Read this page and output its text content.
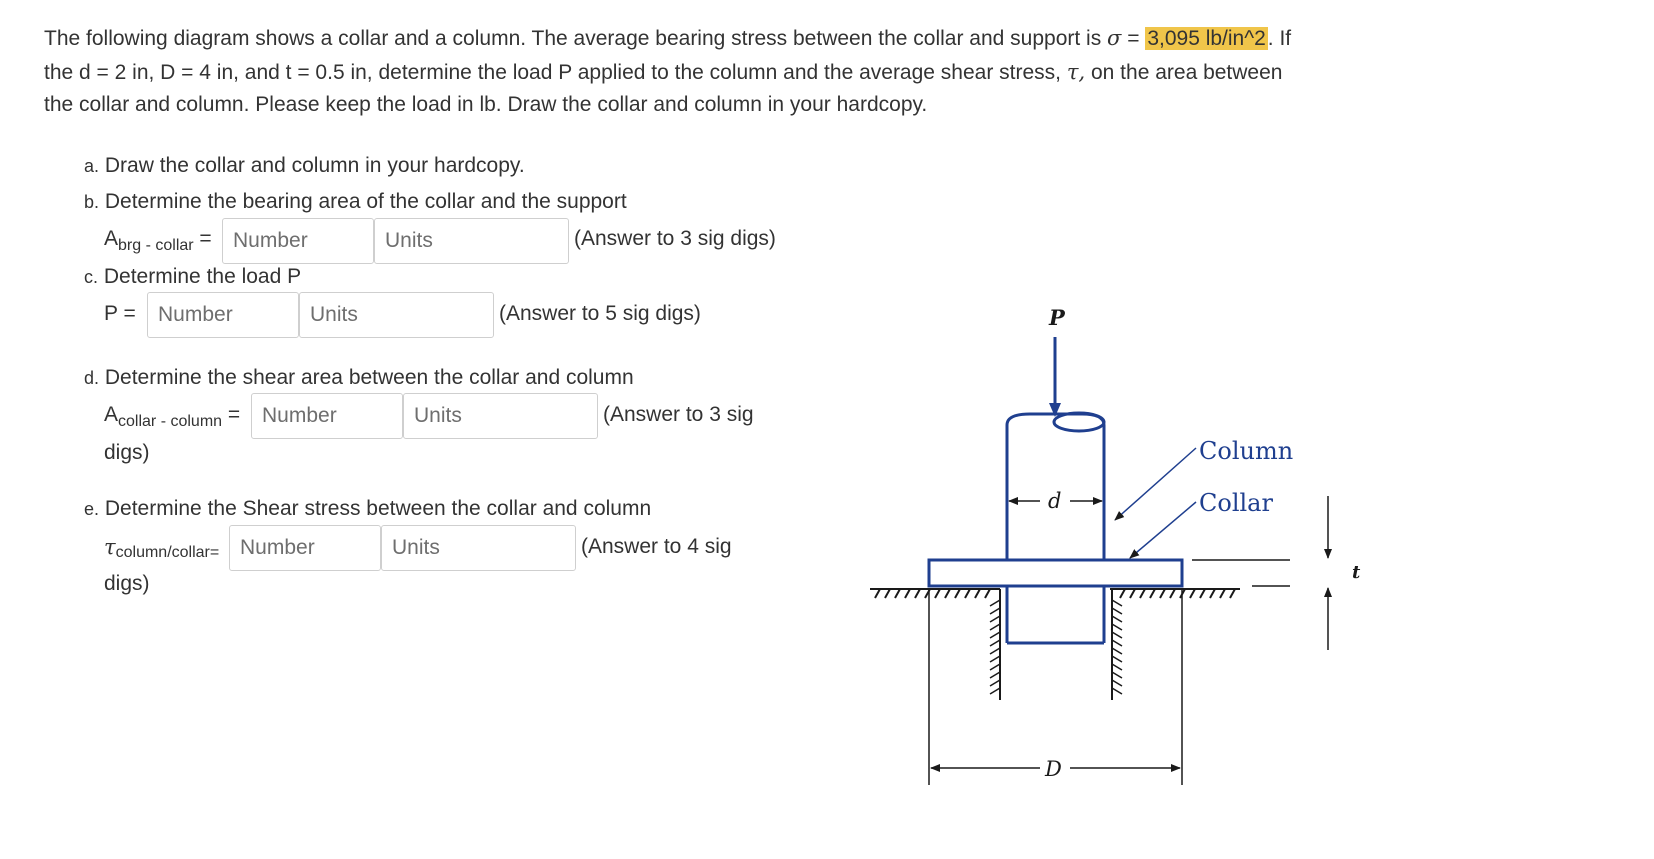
The following diagram shows a collar and a column. The average bearing stress between the collar and support is σ = 3,095 lb/in^2. If
the d = 2 in, D = 4 in, and t = 0.5 in, determine the load P applied to the column and the average shear stress, τ, on the area between
the collar and column. Please keep the load in lb. Draw the collar and column in your hardcopy.
a. Draw the collar and column in your hardcopy.
b. Determine the bearing area of the collar and the support
$A_{brg - collar}$ =
Number
Units	(Answer to 3 sig digs)
c. Determine the load P
P =
Number
Units	(Answer to 5 sig digs)
d. Determine the shear area between the collar and column
$A_{collar - column}$ =
Number
Units	(Answer to 3 sig
digs)
e. Determine the Shear stress between the collar and column
τcolumn/collar=
Number
Units	(Answer to 4 sig
digs)
P
d
D
t
Column
Collar
